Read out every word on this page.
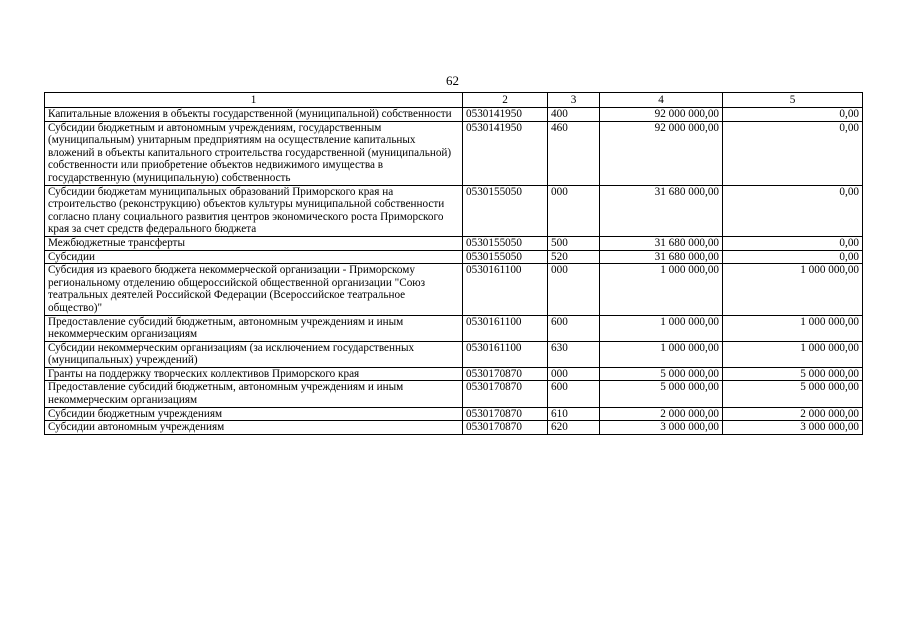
62
1	2	3	4	5
Капитальные вложения в объекты государственной (муниципальной) собственности	0530141950	400	92 000 000,00	0,00
Субсидии бюджетным и автономным учреждениям, государственным (муниципальным) унитарным предприятиям на осуществление капитальных вложений в объекты капитального строительства государственной (муниципальной) собственности или приобретение объектов недвижимого имущества в государственную (муниципальную) собственность	0530141950	460	92 000 000,00	0,00
Субсидии бюджетам муниципальных образований Приморского края на строительство (реконструкцию) объектов культуры муниципальной собственности согласно плану социального развития центров экономического роста Приморского края за счет средств федерального бюджета	0530155050	000	31 680 000,00	0,00
Межбюджетные трансферты	0530155050	500	31 680 000,00	0,00
Субсидии	0530155050	520	31 680 000,00	0,00
Субсидия из краевого бюджета некоммерческой организации - Приморскому региональному отделению общероссийской общественной организации "Союз театральных деятелей Российской Федерации (Всероссийское театральное общество)"	0530161100	000	1 000 000,00	1 000 000,00
Предоставление субсидий бюджетным, автономным учреждениям и иным некоммерческим организациям	0530161100	600	1 000 000,00	1 000 000,00
Субсидии некоммерческим организациям (за исключением государственных (муниципальных) учреждений)	0530161100	630	1 000 000,00	1 000 000,00
Гранты на поддержку творческих коллективов Приморского края	0530170870	000	5 000 000,00	5 000 000,00
Предоставление субсидий бюджетным, автономным учреждениям и иным некоммерческим организациям	0530170870	600	5 000 000,00	5 000 000,00
Субсидии бюджетным учреждениям	0530170870	610	2 000 000,00	2 000 000,00
Субсидии автономным учреждениям	0530170870	620	3 000 000,00	3 000 000,00
